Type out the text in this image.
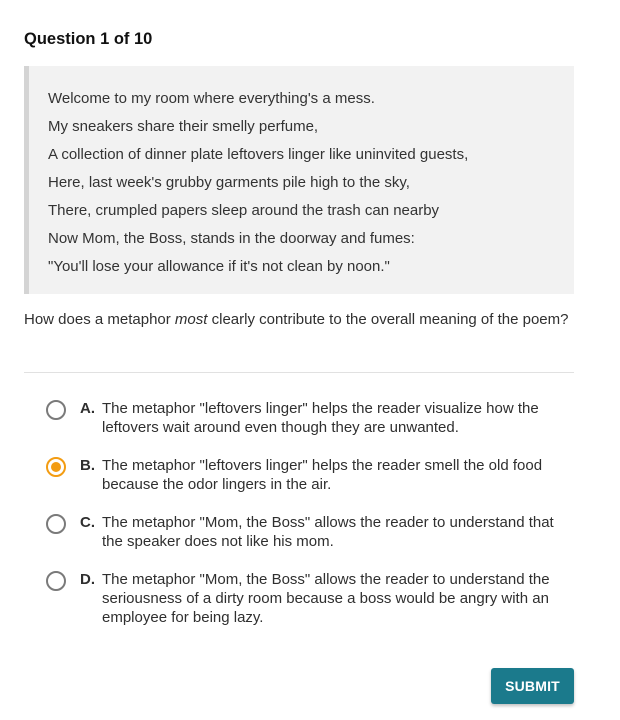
Question 1 of 10
Welcome to my room where everything's a mess.
My sneakers share their smelly perfume,
A collection of dinner plate leftovers linger like uninvited guests,
Here, last week's grubby garments pile high to the sky,
There, crumpled papers sleep around the trash can nearby
Now Mom, the Boss, stands in the doorway and fumes:
"You'll lose your allowance if it's not clean by noon."
How does a metaphor most clearly contribute to the overall meaning of the poem?
A. The metaphor "leftovers linger" helps the reader visualize how the leftovers wait around even though they are unwanted.
B. The metaphor "leftovers linger" helps the reader smell the old food because the odor lingers in the air.
C. The metaphor "Mom, the Boss" allows the reader to understand that the speaker does not like his mom.
D. The metaphor "Mom, the Boss" allows the reader to understand the seriousness of a dirty room because a boss would be angry with an employee for being lazy.
SUBMIT
